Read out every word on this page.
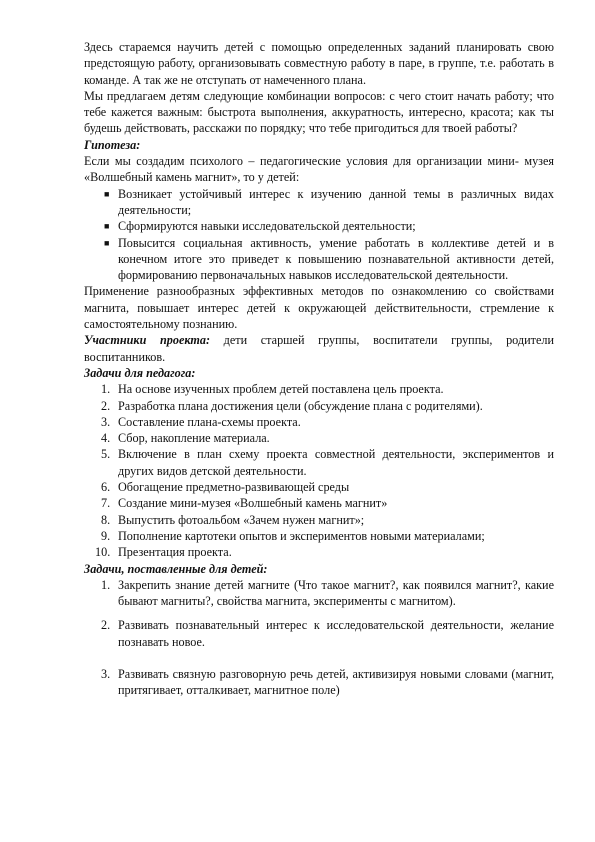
Здесь стараемся научить детей с помощью определенных заданий планировать свою предстоящую работу, организовывать совместную работу в паре, в группе, т.е. работать в команде. А так же не отступать от намеченного плана.

Мы предлагаем детям следующие комбинации вопросов: с чего стоит начать работу; что тебе кажется важным: быстрота выполнения, аккуратность, интересно, красота; как ты будешь действовать, расскажи по порядку; что тебе пригодиться для твоей работы?

Гипотеза:

Если мы создадим психолого – педагогические условия для организации мини- музея «Волшебный камень магнит», то у детей:

■ Возникает устойчивый интерес к изучению данной темы в различных видах деятельности;

■ Сформируются навыки исследовательской деятельности;

■ Повысится социальная активность, умение работать в коллективе детей и в конечном итоге это приведет к повышению познавательной активности детей, формированию первоначальных навыков исследовательской деятельности.

Применение разнообразных эффективных методов по ознакомлению со свойствами магнита, повышает интерес детей к окружающей действительности, стремление к самостоятельному познанию.

Участники проекта: дети старшей группы, воспитатели группы, родители воспитанников.

Задачи для педагога:

1. На основе изученных проблем детей поставлена цель проекта.

2. Разработка плана достижения цели (обсуждение плана с родителями).

3. Составление плана-схемы проекта.

4. Сбор, накопление материала.

5. Включение в план схему проекта совместной деятельности, экспериментов и других видов детской деятельности.

6. Обогащение предметно-развивающей среды

7. Создание мини-музея «Волшебный камень магнит»

8. Выпустить фотоальбом «Зачем нужен магнит»;

9. Пополнение картотеки опытов и экспериментов новыми материалами;

10. Презентация проекта.

Задачи, поставленные для детей:

1. Закрепить знание детей магните (Что такое магнит?, как появился магнит?, какие бывают магниты?, свойства магнита, эксперименты с магнитом).

2. Развивать познавательный интерес к исследовательской деятельности, желание познавать новое.

3. Развивать связную разговорную речь детей, активизируя новыми словами (магнит, притягивает, отталкивает, магнитное поле)
